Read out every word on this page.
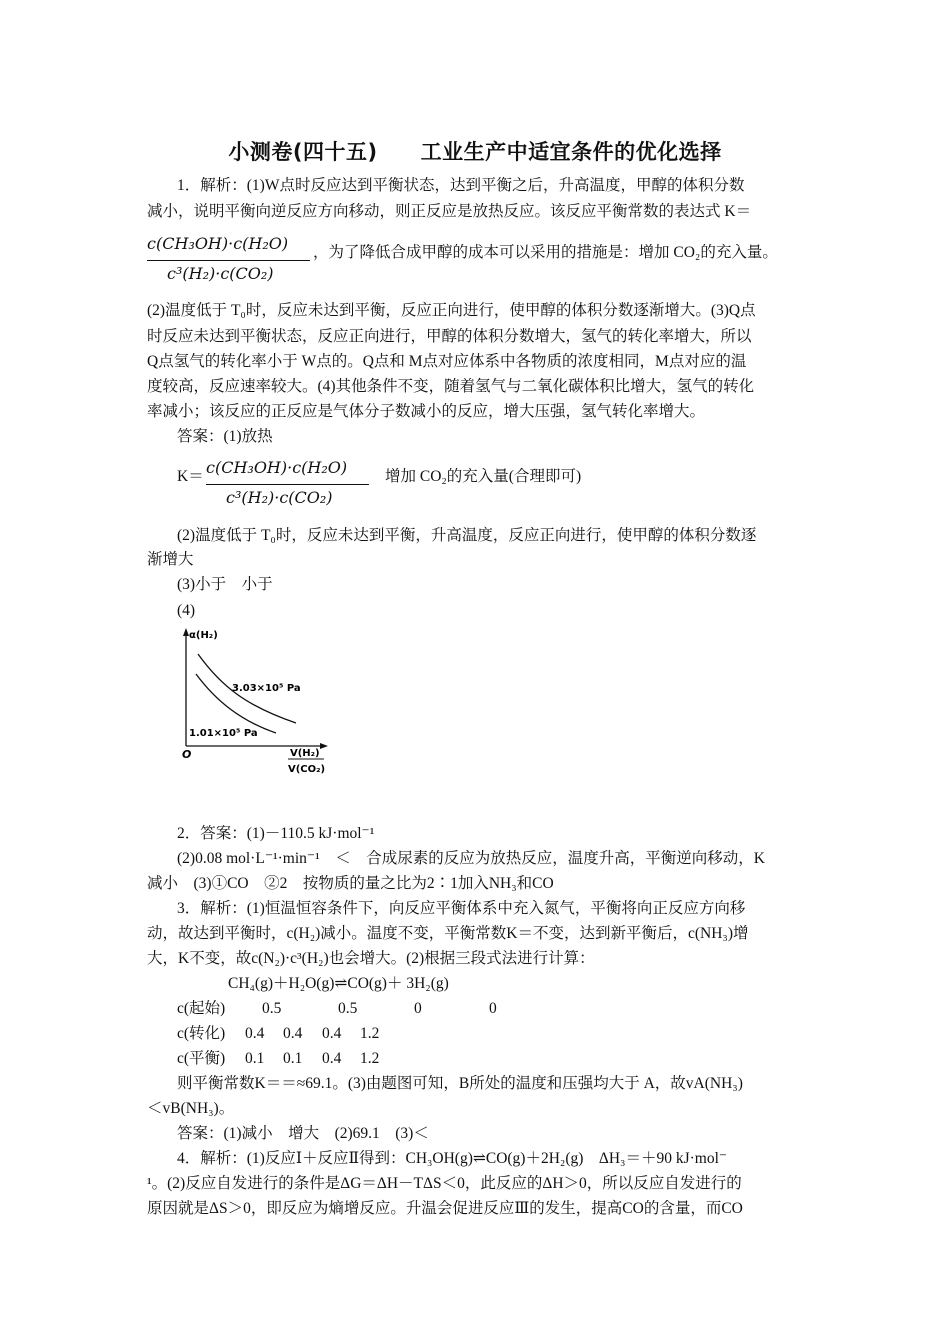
小测卷(四十五)　　工业生产中适宜条件的优化选择
1．解析：(1)W点时反应达到平衡状态，达到平衡之后，升高温度，甲醇的体积分数
减小，说明平衡向逆反应方向移动，则正反应是放热反应。该反应平衡常数的表达式 K＝
c(CH₃OH)·c(H₂O)
c³(H₂)·c(CO₂)
，为了降低合成甲醇的成本可以采用的措施是：增加 CO₂的充入量。
(2)温度低于 T₀时，反应未达到平衡，反应正向进行，使甲醇的体积分数逐渐增大。(3)Q点
时反应未达到平衡状态，反应正向进行，甲醇的体积分数增大，氢气的转化率增大，所以
Q点氢气的转化率小于 W点的。Q点和 M点对应体系中各物质的浓度相同，M点对应的温
度较高，反应速率较大。(4)其他条件不变，随着氢气与二氧化碳体积比增大，氢气的转化
率减小；该反应的正反应是气体分子数减小的反应，增大压强，氢气转化率增大。
答案：(1)放热
K＝ c(CH₃OH)·c(H₂O)
c³(H₂)·c(CO₂)
增加 CO₂的充入量(合理即可)
(2)温度低于 T₀时，反应未达到平衡，升高温度，反应正向进行，使甲醇的体积分数逐
渐增大
(3)小于　小于
(4)
α(H₂)
3.03×10⁵ Pa
1.01×10⁵ Pa
O	V(H₂)
V(CO₂)
2．答案：(1)－110.5 kJ·mol⁻¹
(2)0.08 mol·L⁻¹·min⁻¹　＜　合成尿素的反应为放热反应，温度升高，平衡逆向移动，K
减小　(3)①CO　②2　按物质的量之比为2∶1加入NH₃和CO
3．解析：(1)恒温恒容条件下，向反应平衡体系中充入氮气，平衡将向正反应方向移
动，故达到平衡时，c(H₂)减小。温度不变，平衡常数K＝不变，达到新平衡后，c(NH₃)增
大，K不变，故c(N₂)·c³(H₂)也会增大。(2)根据三段式法进行计算：
CH₄(g)＋H₂O(g)⇌CO(g)＋ 3H₂(g)
c(起始) 0.5	0.5	0	0
c(转化) 0.4 0.4 0.4 1.2
c(平衡) 0.1 0.1 0.4 1.2
则平衡常数K＝＝≈69.1。(3)由题图可知，B所处的温度和压强均大于 A，故vA(NH₃)
＜vB(NH₃)。
答案：(1)减小　增大　(2)69.1　(3)＜
4．解析：(1)反应Ⅰ＋反应Ⅱ得到：CH₃OH(g)⇌CO(g)＋2H₂(g)　ΔH₃＝＋90 kJ·mol⁻
¹。(2)反应自发进行的条件是ΔG＝ΔH－TΔS＜0，此反应的ΔH＞0，所以反应自发进行的
原因就是ΔS＞0，即反应为熵增反应。升温会促进反应Ⅲ的发生，提高CO的含量，而CO
